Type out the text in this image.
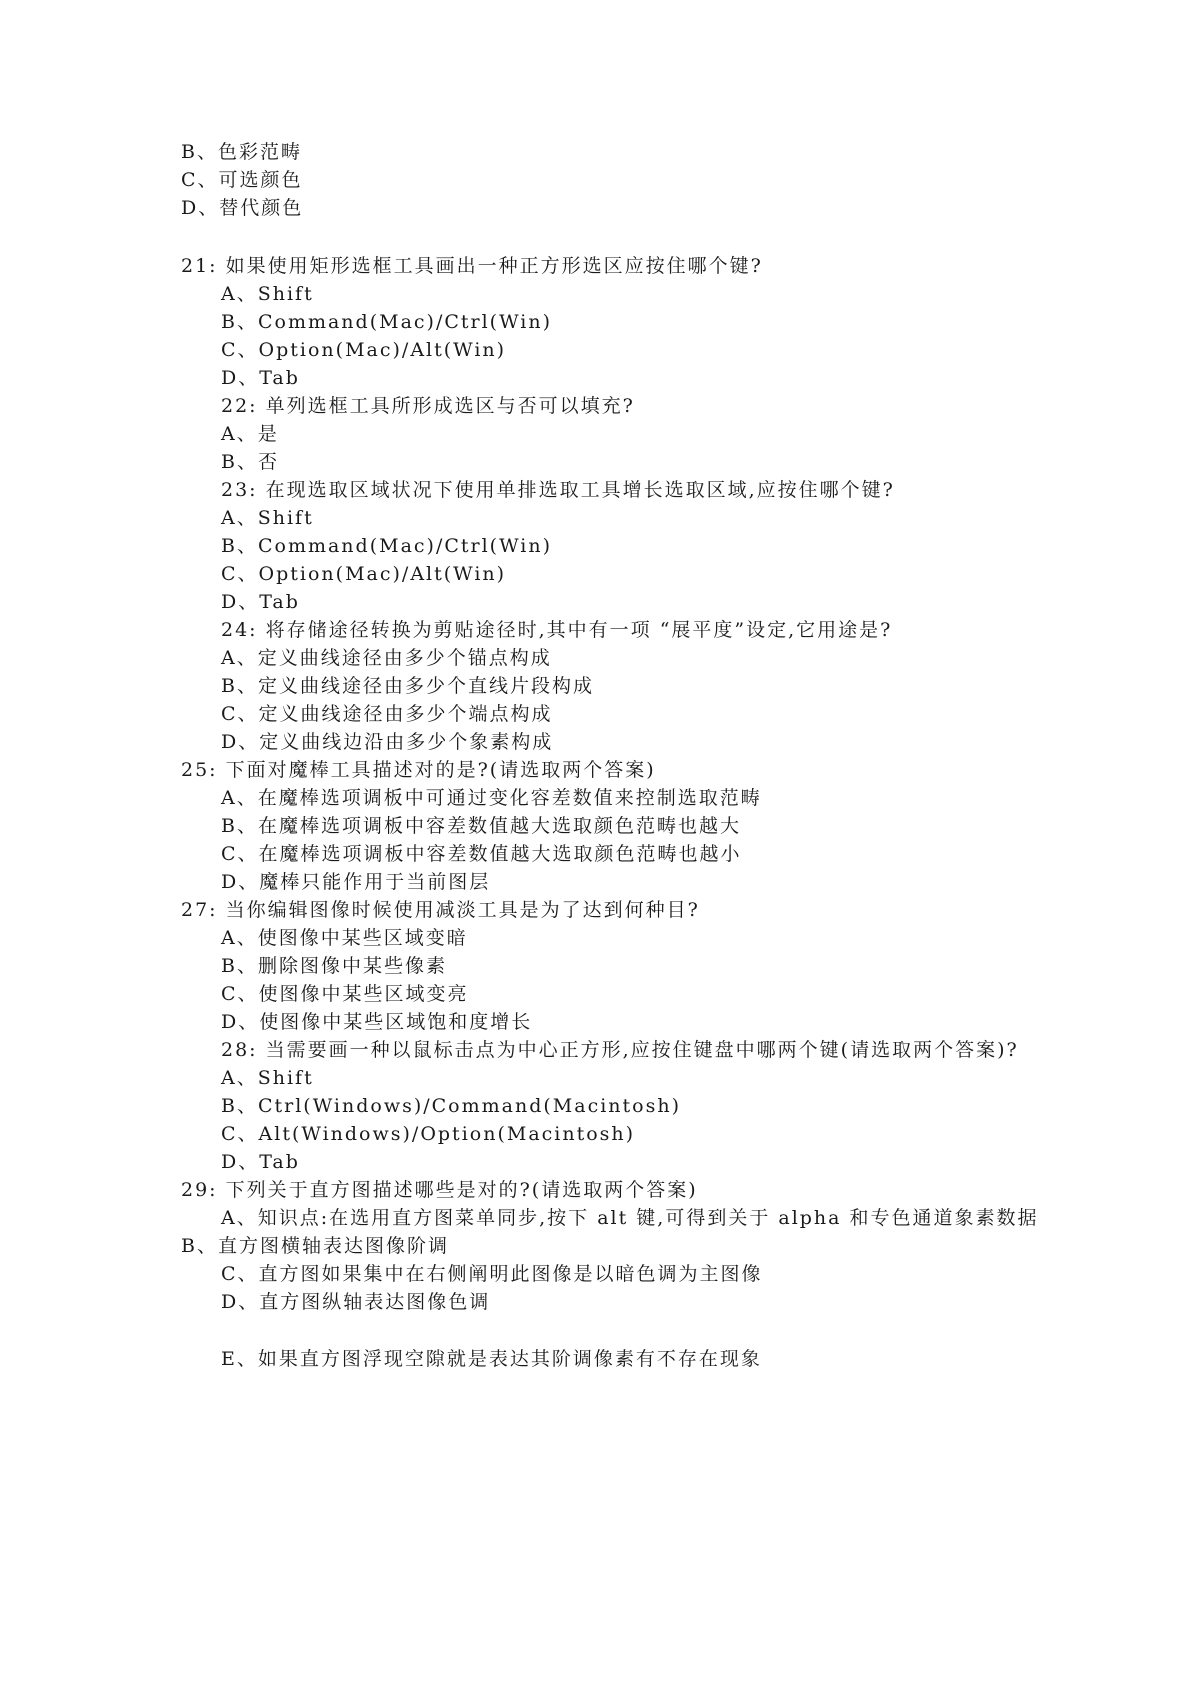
B、色彩范畴
C、可选颜色
D、替代颜色
21: 如果使用矩形选框工具画出一种正方形选区应按住哪个键?
A、Shift
B、Command(Mac)/Ctrl(Win)
C、Option(Mac)/Alt(Win)
D、Tab
22: 单列选框工具所形成选区与否可以填充?
A、是
B、否
23: 在现选取区域状况下使用单排选取工具增长选取区域,应按住哪个键?
A、Shift
B、Command(Mac)/Ctrl(Win)
C、Option(Mac)/Alt(Win)
D、Tab
24: 将存储途径转换为剪贴途径时,其中有一项 “展平度”设定,它用途是?
A、定义曲线途径由多少个锚点构成
B、定义曲线途径由多少个直线片段构成
C、定义曲线途径由多少个端点构成
D、定义曲线边沿由多少个象素构成
25: 下面对魔棒工具描述对的是?(请选取两个答案)
A、在魔棒选项调板中可通过变化容差数值来控制选取范畴
B、在魔棒选项调板中容差数值越大选取颜色范畴也越大
C、在魔棒选项调板中容差数值越大选取颜色范畴也越小
D、魔棒只能作用于当前图层
27: 当你编辑图像时候使用减淡工具是为了达到何种目?
A、使图像中某些区域变暗
B、删除图像中某些像素
C、使图像中某些区域变亮
D、使图像中某些区域饱和度增长
28: 当需要画一种以鼠标击点为中心正方形,应按住键盘中哪两个键(请选取两个答案)?
A、Shift
B、Ctrl(Windows)/Command(Macintosh)
C、Alt(Windows)/Option(Macintosh)
D、Tab
29: 下列关于直方图描述哪些是对的?(请选取两个答案)
A、知识点:在选用直方图菜单同步,按下 alt 键,可得到关于 alpha 和专色通道象素数据
B、直方图横轴表达图像阶调
C、直方图如果集中在右侧阐明此图像是以暗色调为主图像
D、直方图纵轴表达图像色调
E、如果直方图浮现空隙就是表达其阶调像素有不存在现象
